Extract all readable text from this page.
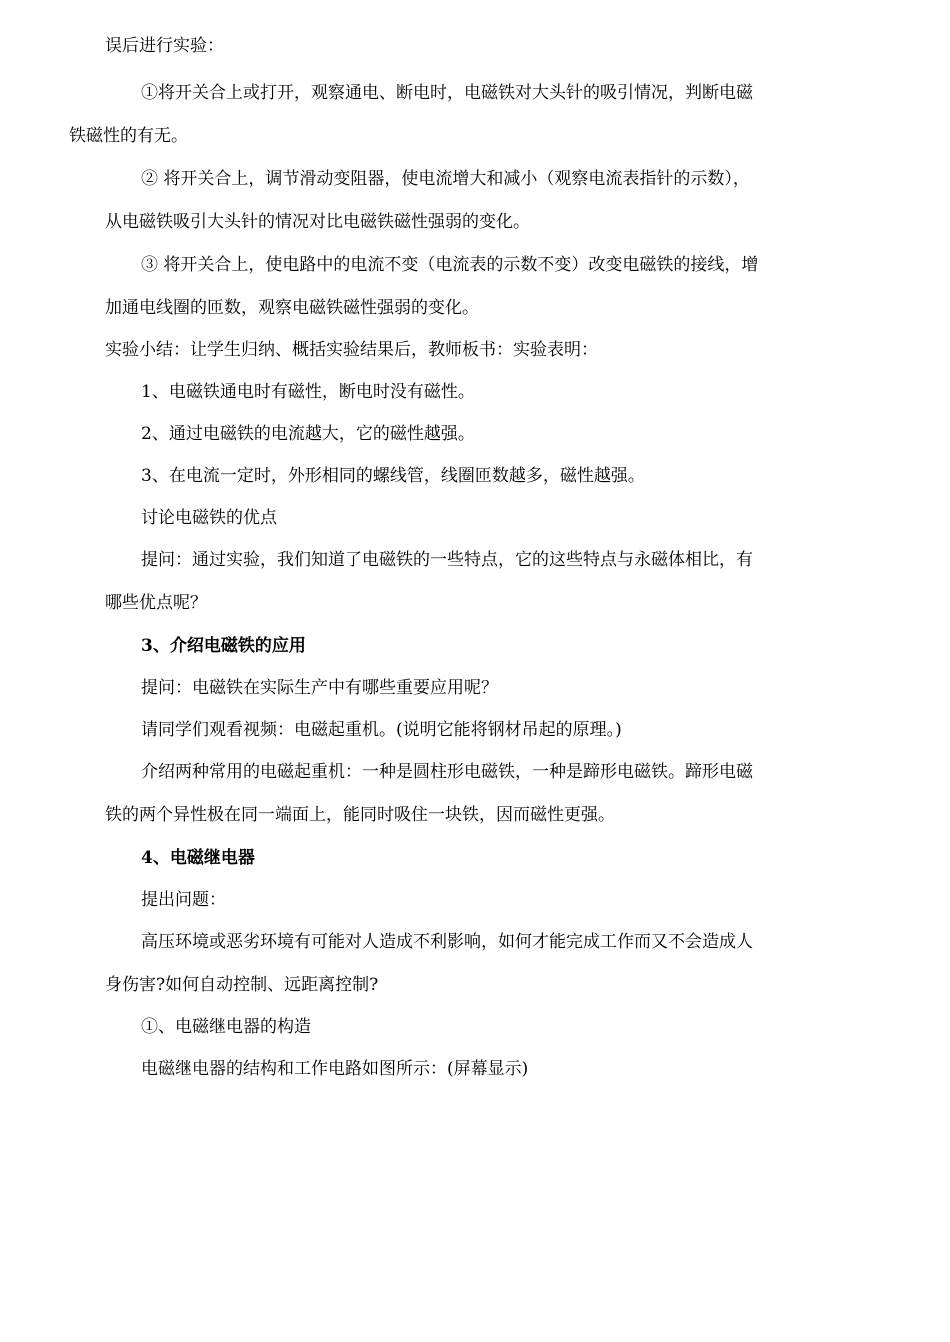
误后进行实验：

①将开关合上或打开，观察通电、断电时，电磁铁对大头针的吸引情况，判断电磁
铁磁性的有无。

② 将开关合上，调节滑动变阻器，使电流增大和减小（观察电流表指针的示数），
从电磁铁吸引大头针的情况对比电磁铁磁性强弱的变化。

③ 将开关合上，使电路中的电流不变（电流表的示数不变）改变电磁铁的接线，增
加通电线圈的匝数，观察电磁铁磁性强弱的变化。

实验小结：让学生归纳、概括实验结果后，教师板书：实验表明：

1、电磁铁通电时有磁性，断电时没有磁性。

2、通过电磁铁的电流越大，它的磁性越强。

3、在电流一定时，外形相同的螺线管，线圈匝数越多，磁性越强。

讨论电磁铁的优点

提问：通过实验，我们知道了电磁铁的一些特点，它的这些特点与永磁体相比，有
哪些优点呢？

3、介绍电磁铁的应用

提问：电磁铁在实际生产中有哪些重要应用呢？

请同学们观看视频：电磁起重机。(说明它能将钢材吊起的原理。)

介绍两种常用的电磁起重机：一种是圆柱形电磁铁，一种是蹄形电磁铁。蹄形电磁
铁的两个异性极在同一端面上，能同时吸住一块铁，因而磁性更强。

4、电磁继电器

提出问题：

高压环境或恶劣环境有可能对人造成不利影响，如何才能完成工作而又不会造成人
身伤害?如何自动控制、远距离控制?

①、电磁继电器的构造

电磁继电器的结构和工作电路如图所示：(屏幕显示)
